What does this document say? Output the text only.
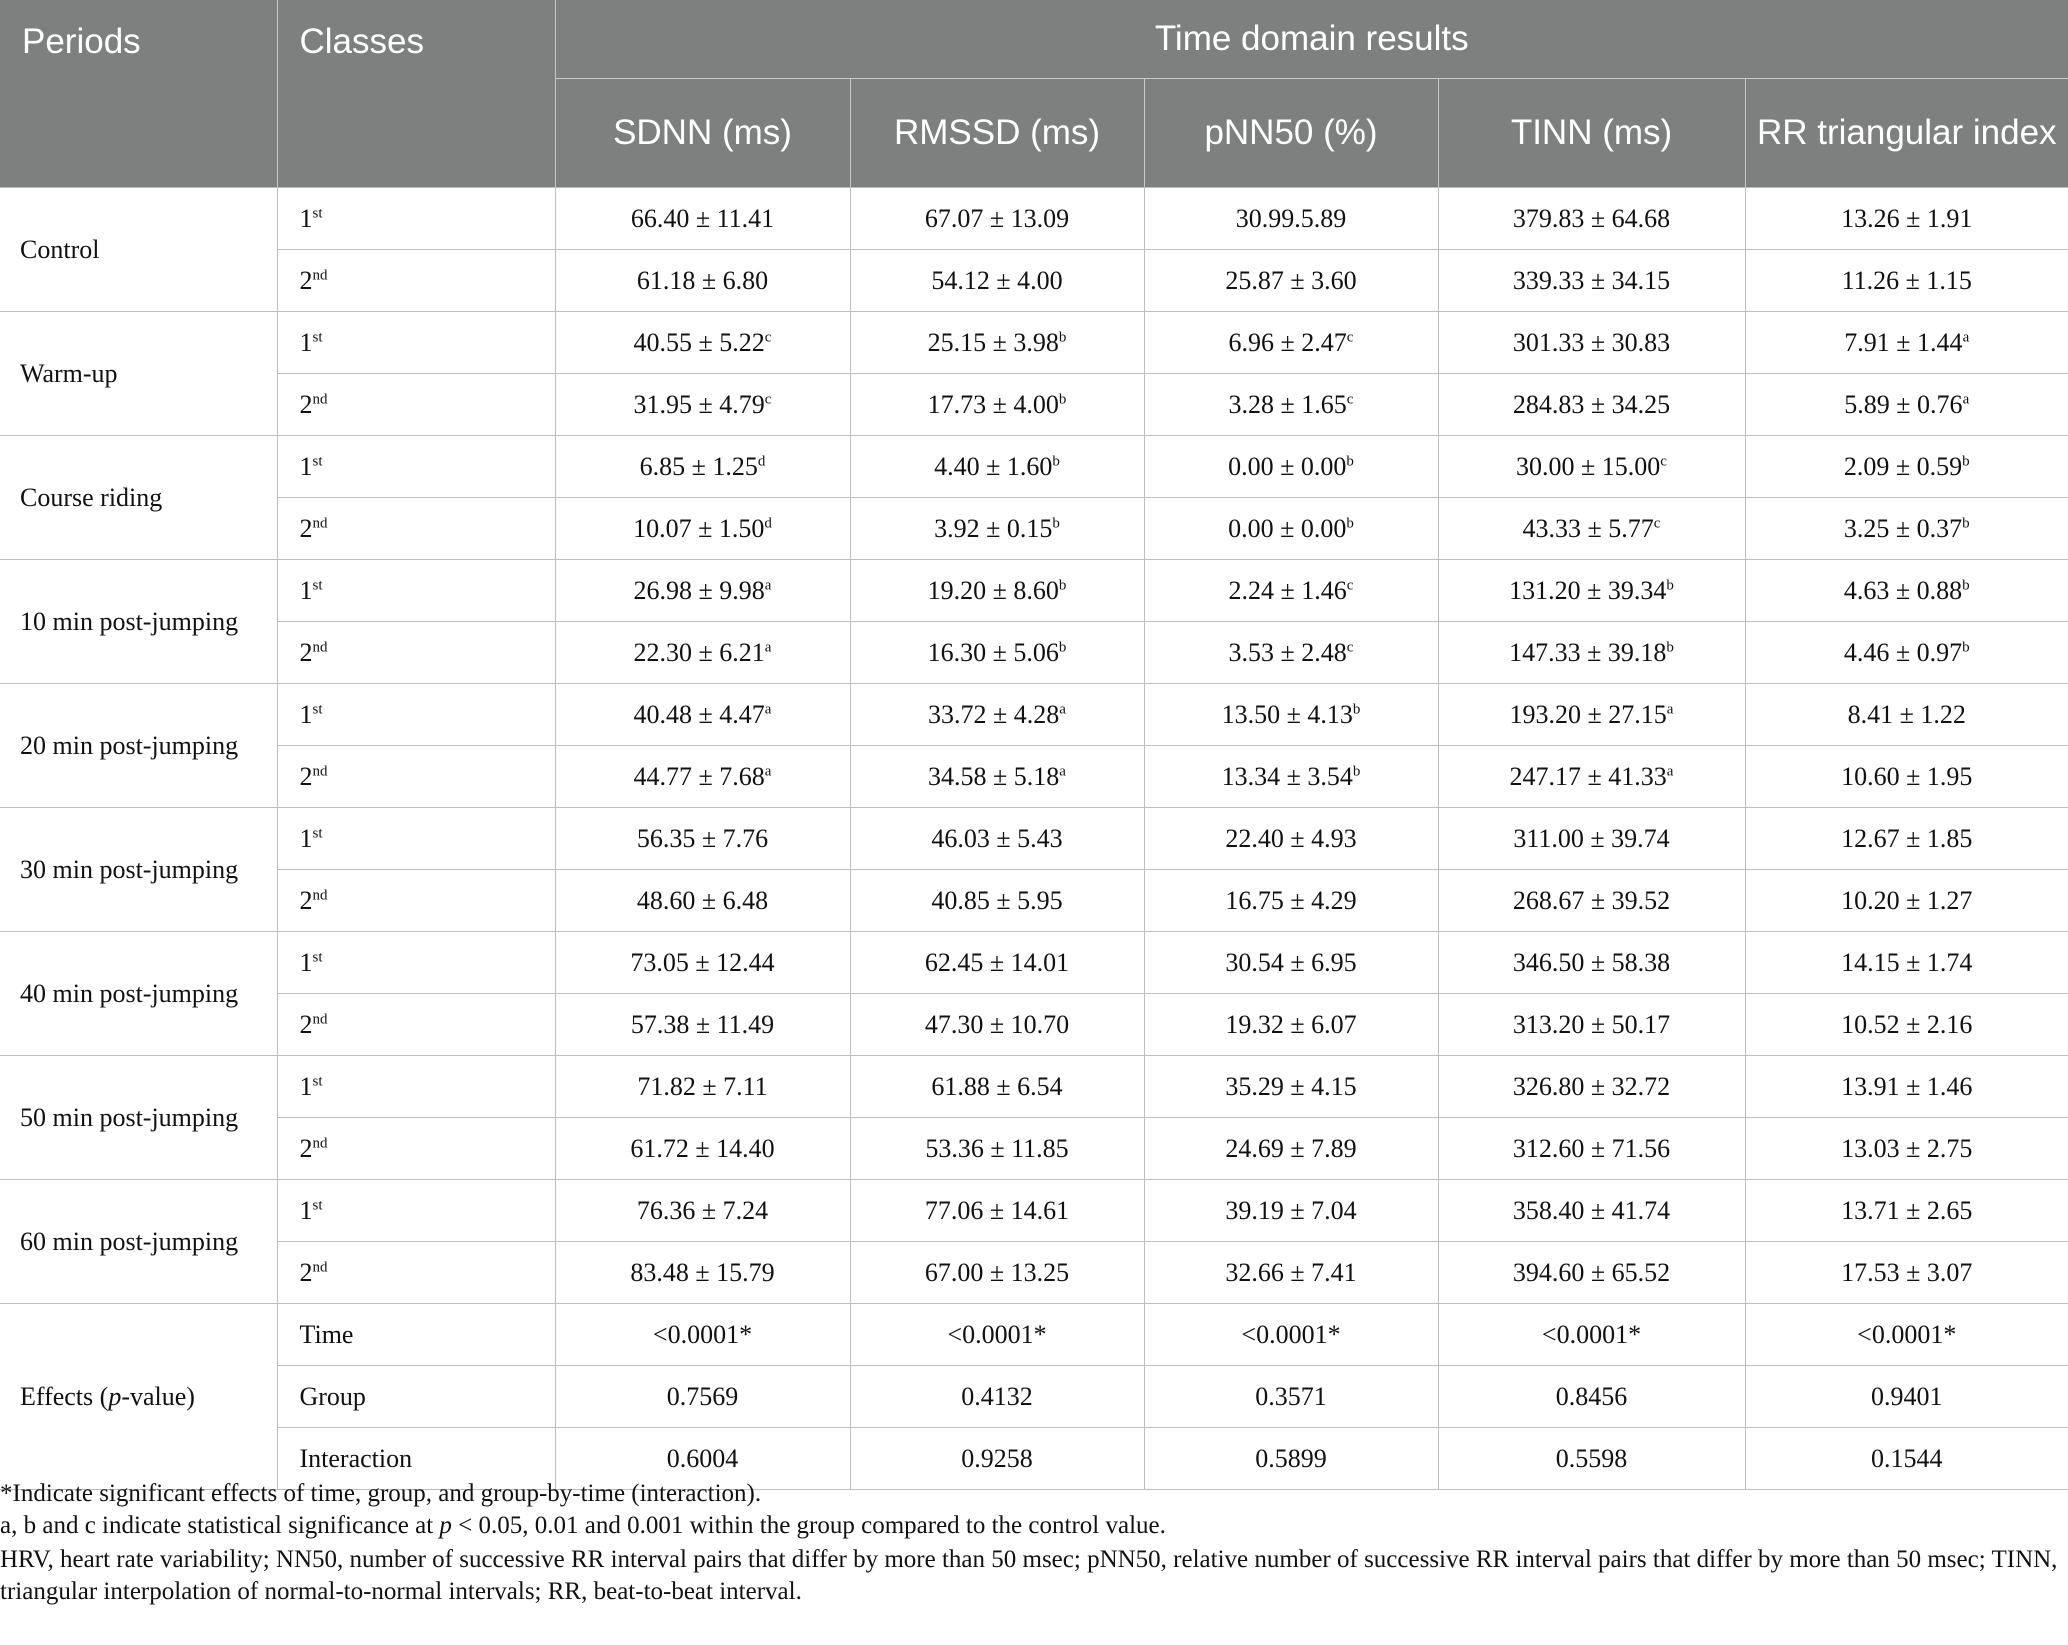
Periods	Classes	Time domain results				
		SDNN (ms)	RMSSD (ms)	pNN50 (%)	TINN (ms)	RR triangular index
Control	1st	66.40 ± 11.41	67.07 ± 13.09	30.99.5.89	379.83 ± 64.68	13.26 ± 1.91
	2nd	61.18 ± 6.80	54.12 ± 4.00	25.87 ± 3.60	339.33 ± 34.15	11.26 ± 1.15
Warm-up	1st	40.55 ± 5.22$^c$	25.15 ± 3.98$^b$	6.96 ± 2.47$^c$	301.33 ± 30.83	7.91 ± 1.44$^a$
	2nd	31.95 ± 4.79$^c$	17.73 ± 4.00$^b$	3.28 ± 1.65$^c$	284.83 ± 34.25	5.89 ± 0.76$^a$
Course riding	1st	6.85 ± 1.25$^d$	4.40 ± 1.60$^b$	0.00 ± 0.00$^b$	30.00 ± 15.00$^c$	2.09 ± 0.59$^b$
	2nd	10.07 ± 1.50$^d$	3.92 ± 0.15$^b$	0.00 ± 0.00$^b$	43.33 ± 5.77$^c$	3.25 ± 0.37$^b$
10 min post-jumping	1st	26.98 ± 9.98$^a$	19.20 ± 8.60$^b$	2.24 ± 1.46$^c$	131.20 ± 39.34$^b$	4.63 ± 0.88$^b$
	2nd	22.30 ± 6.21$^a$	16.30 ± 5.06$^b$	3.53 ± 2.48$^c$	147.33 ± 39.18$^b$	4.46 ± 0.97$^b$
20 min post-jumping	1st	40.48 ± 4.47$^a$	33.72 ± 4.28$^a$	13.50 ± 4.13$^b$	193.20 ± 27.15$^a$	8.41 ± 1.22
	2nd	44.77 ± 7.68$^a$	34.58 ± 5.18$^a$	13.34 ± 3.54$^b$	247.17 ± 41.33$^a$	10.60 ± 1.95
30 min post-jumping	1st	56.35 ± 7.76	46.03 ± 5.43	22.40 ± 4.93	311.00 ± 39.74	12.67 ± 1.85
	2nd	48.60 ± 6.48	40.85 ± 5.95	16.75 ± 4.29	268.67 ± 39.52	10.20 ± 1.27
40 min post-jumping	1st	73.05 ± 12.44	62.45 ± 14.01	30.54 ± 6.95	346.50 ± 58.38	14.15 ± 1.74
	2nd	57.38 ± 11.49	47.30 ± 10.70	19.32 ± 6.07	313.20 ± 50.17	10.52 ± 2.16
50 min post-jumping	1st	71.82 ± 7.11	61.88 ± 6.54	35.29 ± 4.15	326.80 ± 32.72	13.91 ± 1.46
	2nd	61.72 ± 14.40	53.36 ± 11.85	24.69 ± 7.89	312.60 ± 71.56	13.03 ± 2.75
60 min post-jumping	1st	76.36 ± 7.24	77.06 ± 14.61	39.19 ± 7.04	358.40 ± 41.74	13.71 ± 2.65
	2nd	83.48 ± 15.79	67.00 ± 13.25	32.66 ± 7.41	394.60 ± 65.52	17.53 ± 3.07
Effects (p-value)	Time	<0.0001*	<0.0001*	<0.0001*	<0.0001*	<0.0001*
	Group	0.7569	0.4132	0.3571	0.8456	0.9401
	Interaction	0.6004	0.9258	0.5899	0.5598	0.1544
*Indicate significant effects of time, group, and group-by-time (interaction).
a, b and c indicate statistical significance at p < 0.05, 0.01 and 0.001 within the group compared to the control value.
HRV, heart rate variability; NN50, number of successive RR interval pairs that differ by more than 50 msec; pNN50, relative number of successive RR interval pairs that differ by more than 50 msec; TINN, triangular interpolation of normal-to-normal intervals; RR, beat-to-beat interval.
